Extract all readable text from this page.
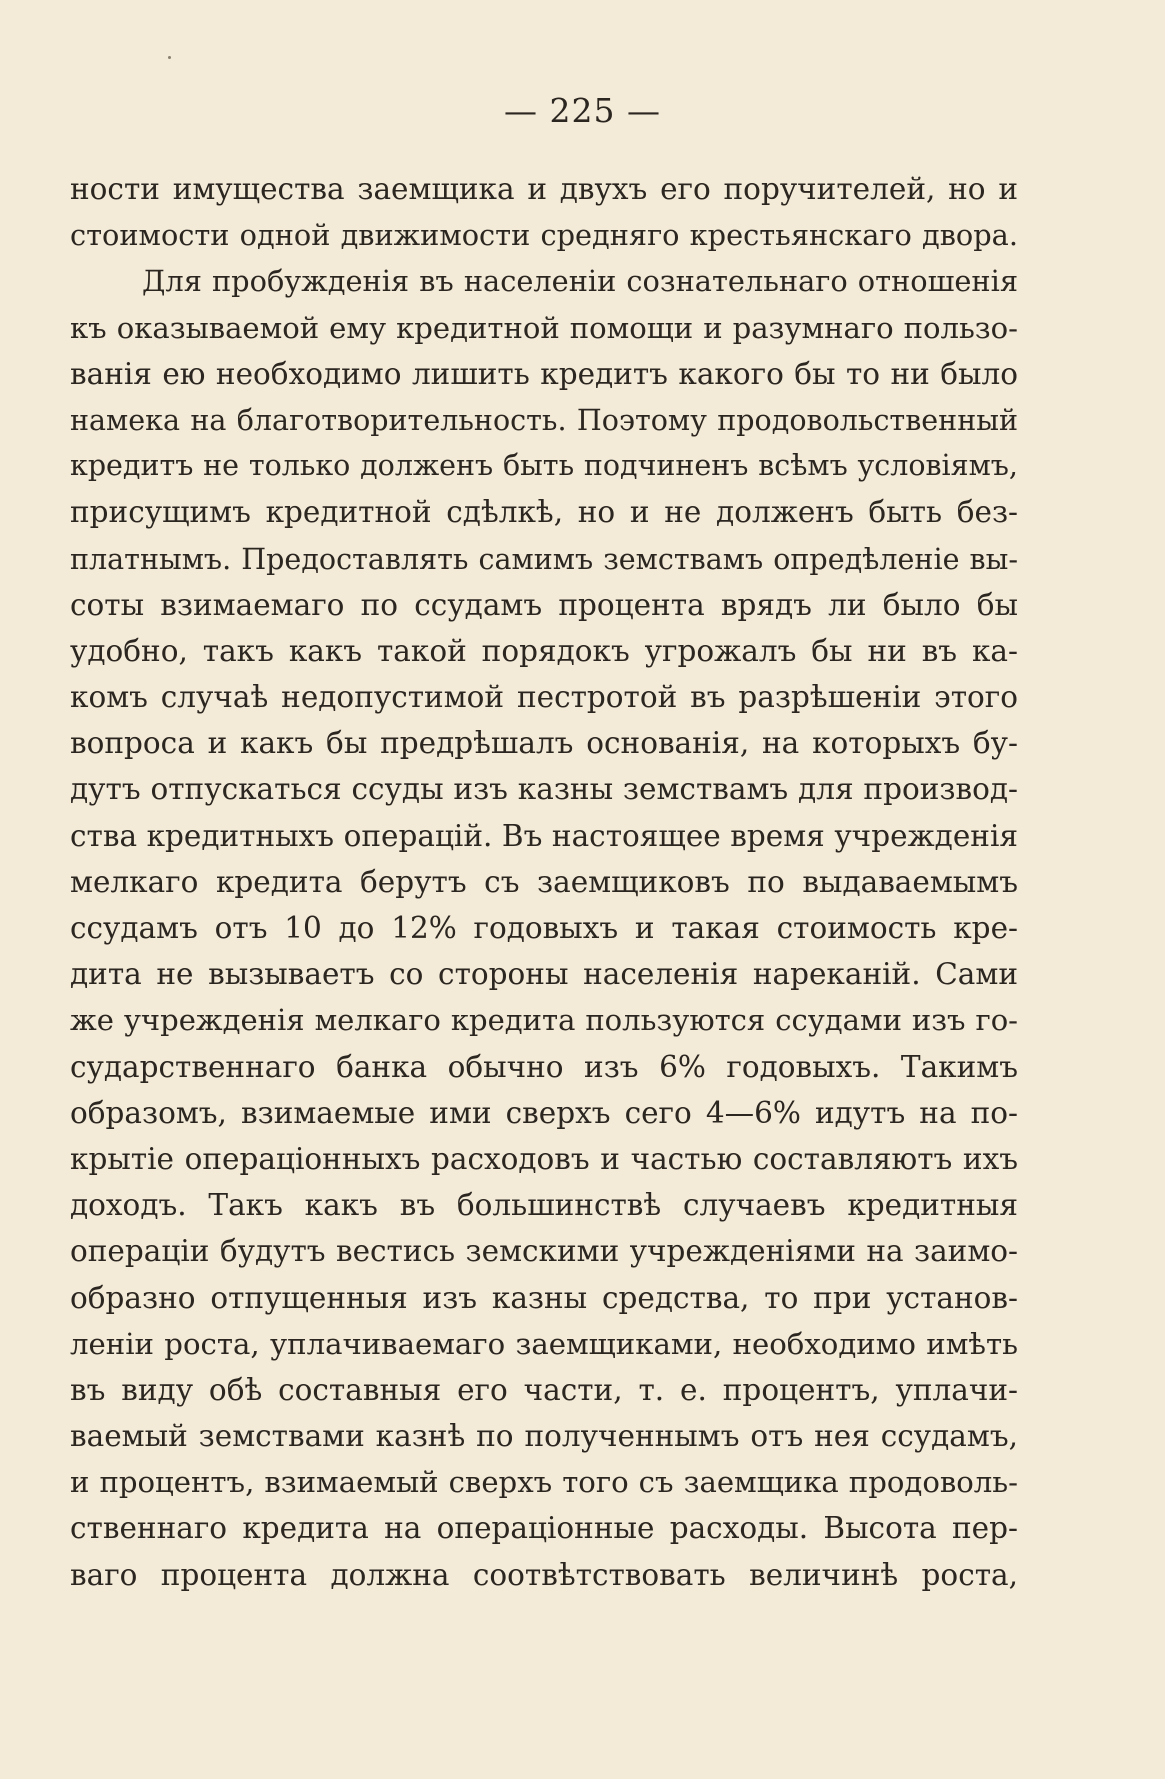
— 225 —
ности имущества заемщика и двухъ его поручителей, но и
стоимости одной движимости средняго крестьянскаго двора.
Для пробужденія въ населеніи сознательнаго отношенія
къ оказываемой ему кредитной помощи и разумнаго пользо-
ванія ею необходимо лишить кредитъ какого бы то ни было
намека на благотворительность. Поэтому продовольственный
кредитъ не только долженъ быть подчиненъ всѣмъ условіямъ,
присущимъ кредитной сдѣлкѣ, но и не долженъ быть без-
платнымъ. Предоставлять самимъ земствамъ опредѣленіе вы-
соты взимаемаго по ссудамъ процента врядъ ли было бы
удобно, такъ какъ такой порядокъ угрожалъ бы ни въ ка-
комъ случаѣ недопустимой пестротой въ разрѣшеніи этого
вопроса и какъ бы предрѣшалъ основанія, на которыхъ бу-
дутъ отпускаться ссуды изъ казны земствамъ для производ-
ства кредитныхъ операцій. Въ настоящее время учрежденія
мелкаго кредита берутъ съ заемщиковъ по выдаваемымъ
ссудамъ отъ 10 до 12% годовыхъ и такая стоимость кре-
дита не вызываетъ со стороны населенія нареканій. Сами
же учрежденія мелкаго кредита пользуются ссудами изъ го-
сударственнаго банка обычно изъ 6% годовыхъ. Такимъ
образомъ, взимаемые ими сверхъ сего 4—6% идутъ на по-
крытіе операціонныхъ расходовъ и частью составляютъ ихъ
доходъ. Такъ какъ въ большинствѣ случаевъ кредитныя
операціи будутъ вестись земскими учрежденіями на заимо-
образно отпущенныя изъ казны средства, то при установ-
леніи роста, уплачиваемаго заемщиками, необходимо имѣть
въ виду обѣ составныя его части, т. е. процентъ, уплачи-
ваемый земствами казнѣ по полученнымъ отъ нея ссудамъ,
и процентъ, взимаемый сверхъ того съ заемщика продоволь-
ственнаго кредита на операціонные расходы. Высота пер-
ваго процента должна соотвѣтствовать величинѣ роста,
